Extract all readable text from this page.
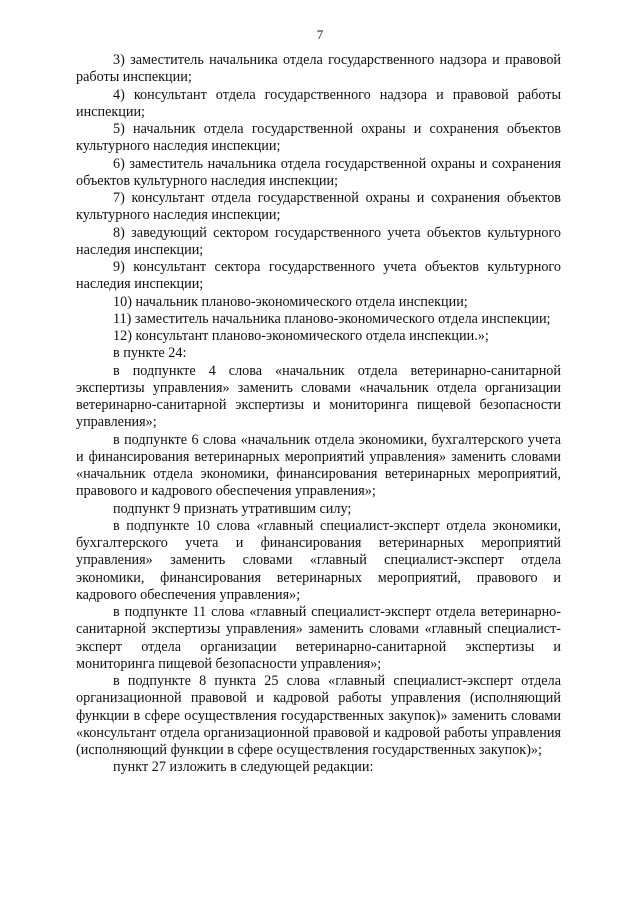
7

3) заместитель начальника отдела государственного надзора и правовой работы инспекции;

4) консультант отдела государственного надзора и правовой работы инспекции;

5) начальник отдела государственной охраны и сохранения объектов культурного наследия инспекции;

6) заместитель начальника отдела государственной охраны и сохранения объектов культурного наследия инспекции;

7) консультант отдела государственной охраны и сохранения объектов культурного наследия инспекции;

8) заведующий сектором государственного учета объектов культурного наследия инспекции;

9) консультант сектора государственного учета объектов культурного наследия инспекции;

10) начальник планово-экономического отдела инспекции;

11) заместитель начальника планово-экономического отдела инспекции;

12) консультант планово-экономического отдела инспекции.»;

в пункте 24:

в подпункте 4 слова «начальник отдела ветеринарно-санитарной экспертизы управления» заменить словами «начальник отдела организации ветеринарно-санитарной экспертизы и мониторинга пищевой безопасности управления»;

в подпункте 6 слова «начальник отдела экономики, бухгалтерского учета и финансирования ветеринарных мероприятий управления» заменить словами «начальник отдела экономики, финансирования ветеринарных мероприятий, правового и кадрового обеспечения управления»;

подпункт 9 признать утратившим силу;

в подпункте 10 слова «главный специалист-эксперт отдела экономики, бухгалтерского учета и финансирования ветеринарных мероприятий управления» заменить словами «главный специалист-эксперт отдела экономики, финансирования ветеринарных мероприятий, правового и кадрового обеспечения управления»;

в подпункте 11 слова «главный специалист-эксперт отдела ветеринарно-санитарной экспертизы управления» заменить словами «главный специалист-эксперт отдела организации ветеринарно-санитарной экспертизы и мониторинга пищевой безопасности управления»;

в подпункте 8 пункта 25 слова «главный специалист-эксперт отдела организационной правовой и кадровой работы управления (исполняющий функции в сфере осуществления государственных закупок)» заменить словами «консультант отдела организационной правовой и кадровой работы управления (исполняющий функции в сфере осуществления государственных закупок)»;

пункт 27 изложить в следующей редакции:
